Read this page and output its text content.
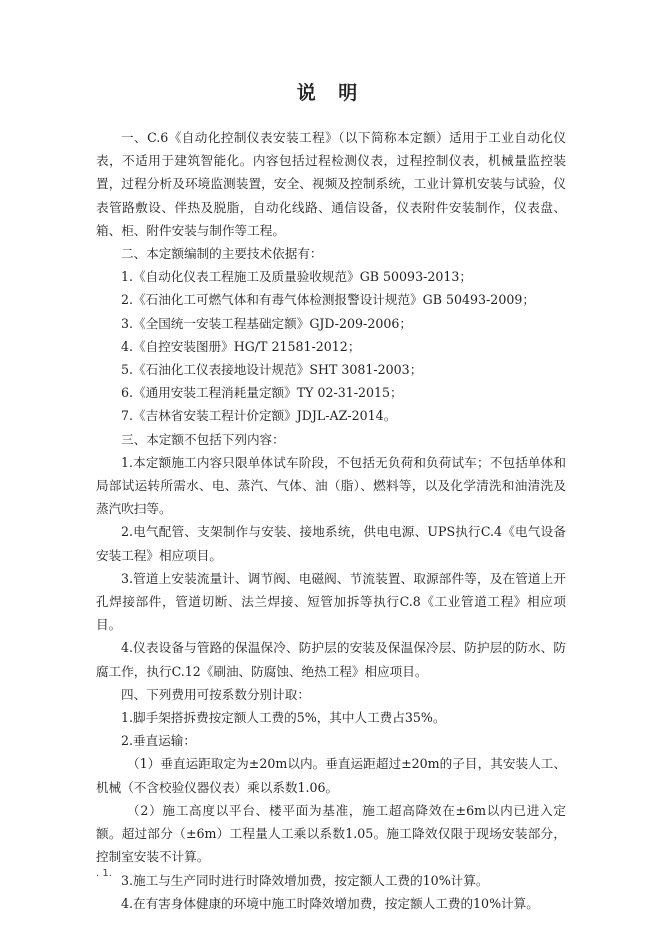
说 明

一、C.6《自动化控制仪表安装工程》（以下简称本定额）适用于工业自动化仪表，不适用于建筑智能化。内容包括过程检测仪表，过程控制仪表，机械量监控装置，过程分析及环境监测装置，安全、视频及控制系统，工业计算机安装与试验，仪表管路敷设、伴热及脱脂，自动化线路、通信设备，仪表附件安装制作，仪表盘、箱、柜、附件安装与制作等工程。

二、本定额编制的主要技术依据有：

1.《自动化仪表工程施工及质量验收规范》GB 50093-2013；

2.《石油化工可燃气体和有毒气体检测报警设计规范》GB 50493-2009；

3.《全国统一安装工程基础定额》GJD-209-2006；

4.《自控安装图册》HG/T 21581-2012；

5.《石油化工仪表接地设计规范》SHT 3081-2003；

6.《通用安装工程消耗量定额》TY 02-31-2015；

7.《吉林省安装工程计价定额》JDJL-AZ-2014。

三、本定额不包括下列内容：

1.本定额施工内容只限单体试车阶段，不包括无负荷和负荷试车；不包括单体和局部试运转所需水、电、蒸汽、气体、油（脂）、燃料等，以及化学清洗和油清洗及蒸汽吹扫等。

2.电气配管、支架制作与安装、接地系统，供电电源、UPS执行C.4《电气设备安装工程》相应项目。

3.管道上安装流量计、调节阀、电磁阀、节流装置、取源部件等，及在管道上开孔焊接部件，管道切断、法兰焊接、短管加拆等执行C.8《工业管道工程》相应项目。

4.仪表设备与管路的保温保冷、防护层的安装及保温保冷层、防护层的防水、防腐工作，执行C.12《刷油、防腐蚀、绝热工程》相应项目。

四、下列费用可按系数分别计取：

1.脚手架搭拆费按定额人工费的5%，其中人工费占35%。

2.垂直运输：

（1）垂直运距取定为±20m以内。垂直运距超过±20m的子目，其安装人工、机械（不含校验仪器仪表）乘以系数1.06。

（2）施工高度以平台、楼平面为基准，施工超高降效在±6m以内已进入定额。超过部分（±6m）工程量人工乘以系数1.05。施工降效仅限于现场安装部分，控制室安装不计算。

3.施工与生产同时进行时降效增加费，按定额人工费的10%计算。

4.在有害身体健康的环境中施工时降效增加费，按定额人工费的10%计算。

. 1.
